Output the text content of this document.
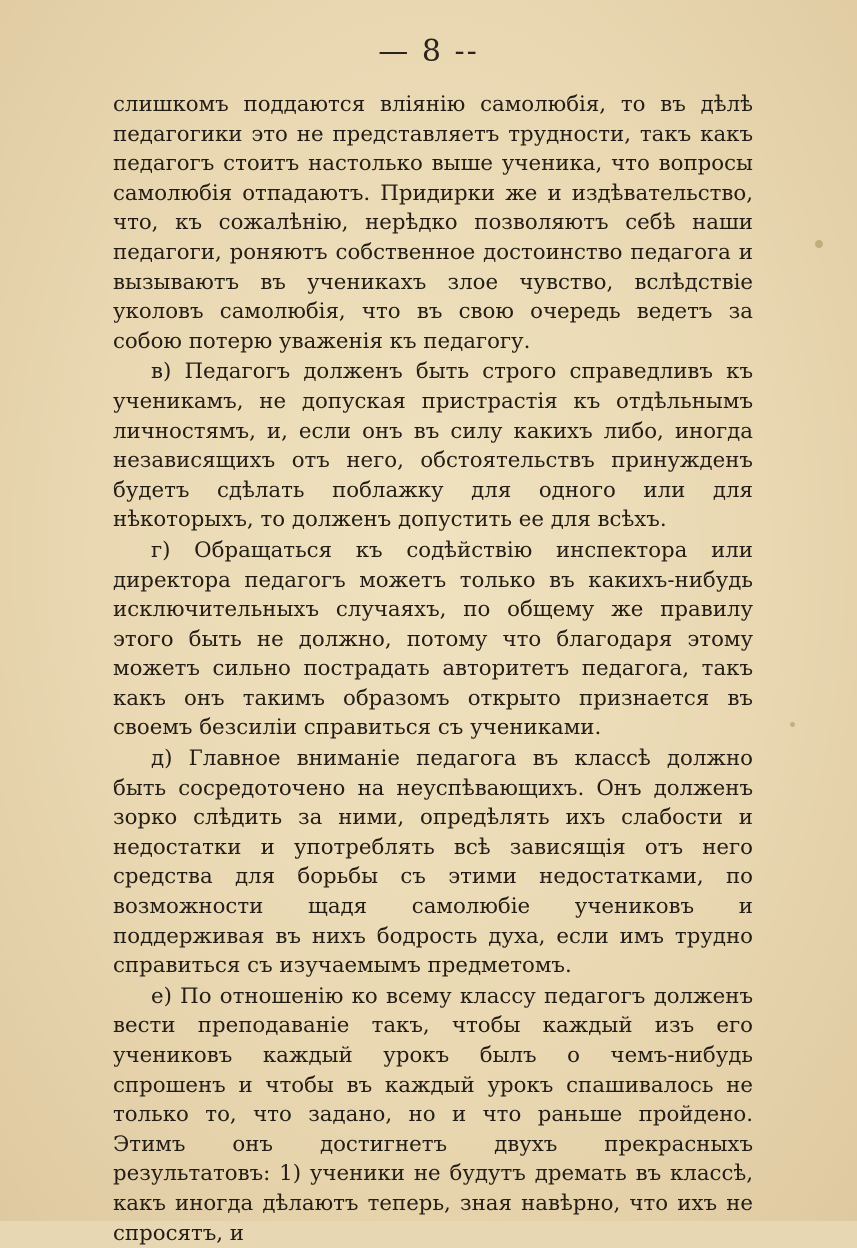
— 8 --

слишкомъ поддаются вліянію самолюбія, то въ дѣлѣ педагогики это не представляетъ трудности, такъ какъ педагогъ стоитъ настолько выше ученика, что вопросы самолюбія отпадаютъ. Придирки же и издѣвательство, что, къ сожалѣнію, нерѣдко позволяютъ себѣ наши педагоги, роняютъ собственное достоинство педагога и вызываютъ въ ученикахъ злое чувство, вслѣдствіе уколовъ самолюбія, что въ свою очередь ведетъ за собою потерю уваженія къ педагогу.

в) Педагогъ долженъ быть строго справедливъ къ ученикамъ, не допуская пристрастія къ отдѣльнымъ личностямъ, и, если онъ въ силу какихъ либо, иногда независящихъ отъ него, обстоятельствъ принужденъ будетъ сдѣлать поблажку для одного или для нѣкоторыхъ, то долженъ допустить ее для всѣхъ.

г) Обращаться къ содѣйствію инспектора или директора педагогъ можетъ только въ какихъ-нибудь исключительныхъ случаяхъ, по общему же правилу этого быть не должно, потому что благодаря этому можетъ сильно пострадать авторитетъ педагога, такъ какъ онъ такимъ образомъ открыто признается въ своемъ безсиліи справиться съ учениками.

д) Главное вниманіе педагога въ классѣ должно быть сосредоточено на неуспѣвающихъ. Онъ долженъ зорко слѣдить за ними, опредѣлять ихъ слабости и недостатки и употреблять всѣ зависящія отъ него средства для борьбы съ этими недостатками, по возможности щадя самолюбіе учениковъ и поддерживая въ нихъ бодрость духа, если имъ трудно справиться съ изучаемымъ предметомъ.

е) По отношенію ко всему классу педагогъ долженъ вести преподаваніе такъ, чтобы каждый изъ его учениковъ каждый урокъ былъ о чемъ-нибудь спрошенъ и чтобы въ каждый урокъ спашивалось не только то, что задано, но и что раньше пройдено. Этимъ онъ достигнетъ двухъ прекрасныхъ результатовъ: 1) ученики не будутъ дремать въ классѣ, какъ иногда дѣлаютъ теперь, зная навѣрно, что ихъ не спросятъ, и
